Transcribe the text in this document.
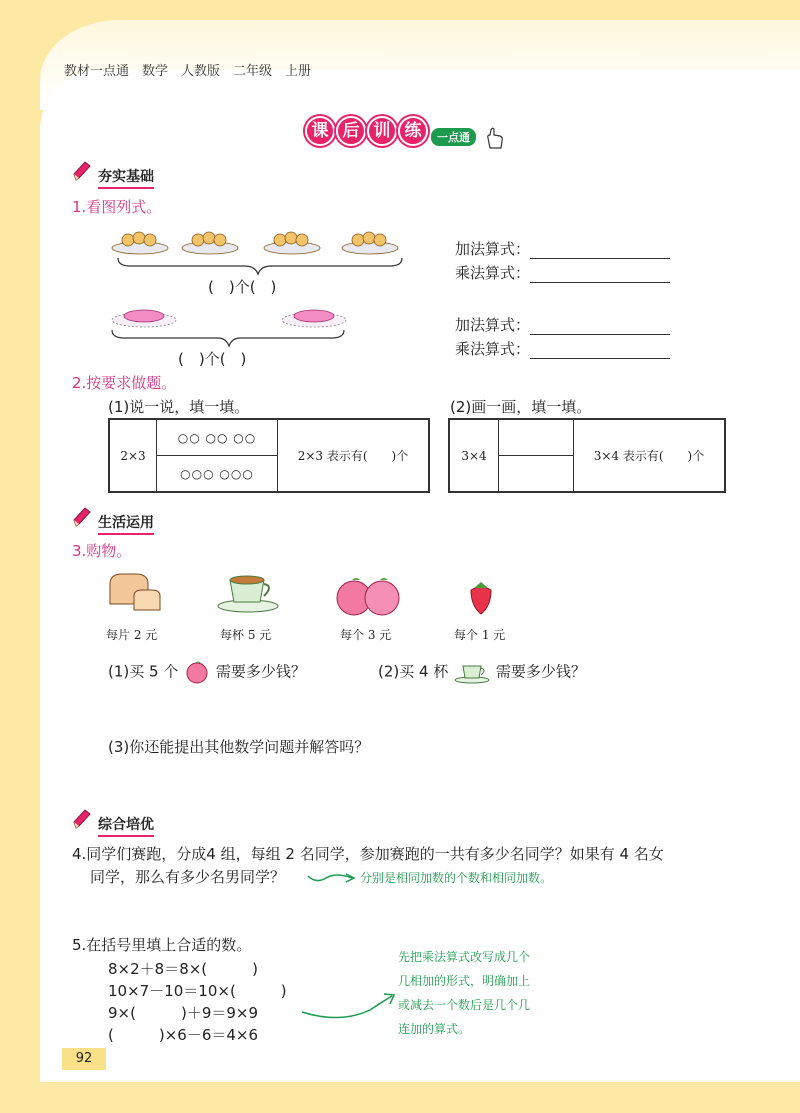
教材一点通　数学　人教版　二年级　上册
课 后 训 练	一点通
夯实基础
1.看图列式。
(　)个(　)
(　)个(　)
加法算式：
乘法算式：
加法算式：
乘法算式：
2.按要求做题。
(1)说一说，填一填。	(2)画一画，填一填。
2×3	○○ ○○ ○○	2×3 表示有(　　)个
○○○ ○○○
3×4		3×4 表示有(　　)个

生活运用
3.购物。
每片 2 元	每杯 5 元	每个 3 元	每个 1 元
(1)买 5 个	需要多少钱？	(2)买 4 杯	需要多少钱？
(3)你还能提出其他数学问题并解答吗？
综合培优
4.同学们赛跑，分成4 组，每组 2 名同学，参加赛跑的一共有多少名同学？如果有 4 名女
同学，那么有多少名男同学？	分别是相同加数的个数和相同加数。
5.在括号里填上合适的数。
8×2＋8＝8×(　　　)
10×7－10＝10×(　　　)
9×(　　　)＋9＝9×9
(　　　)×6－6＝4×6
先把乘法算式改写成几个
几相加的形式，明确加上
或减去一个数后是几个几
连加的算式。
92
